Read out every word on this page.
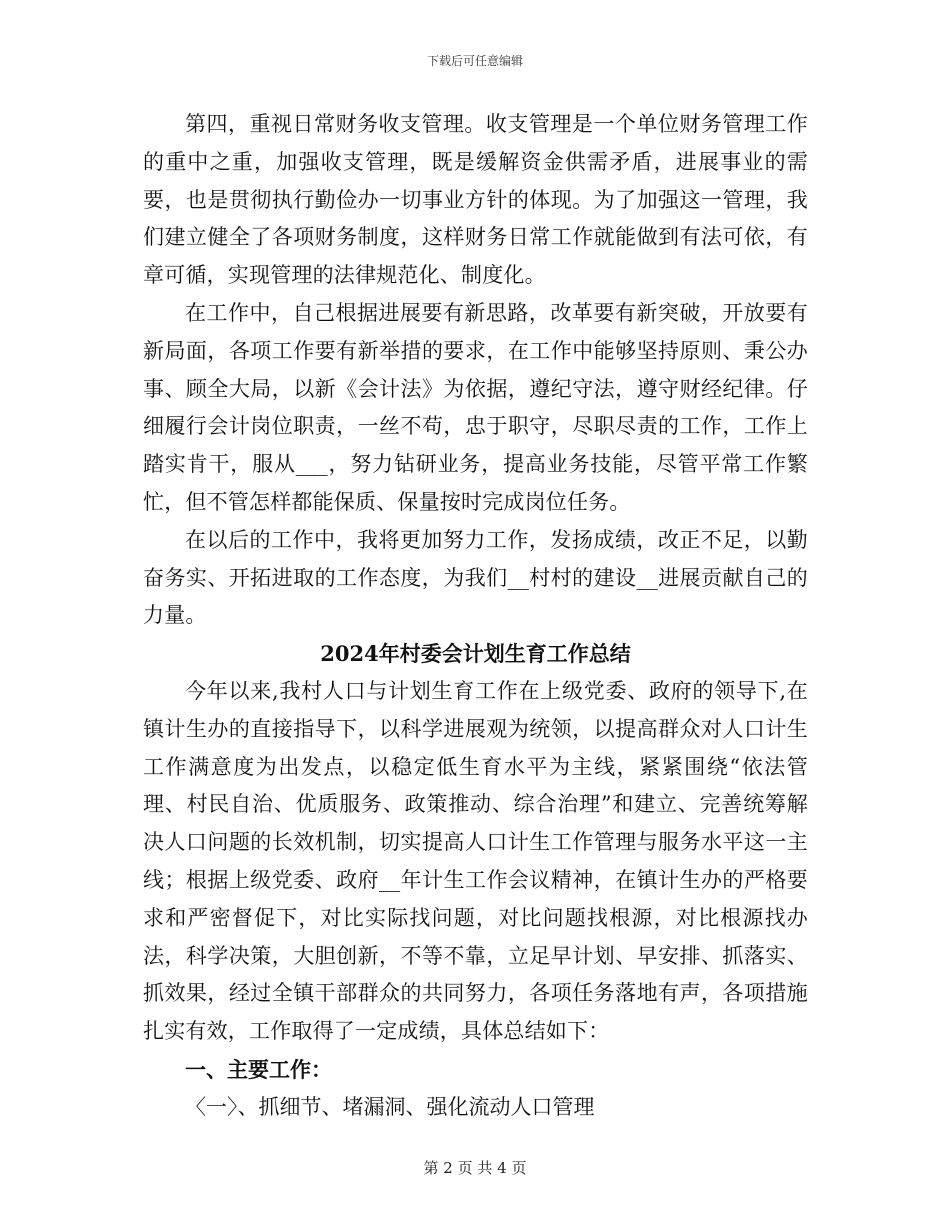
下载后可任意编辑

第四，重视日常财务收支管理。收支管理是一个单位财务管理工作的重中之重，加强收支管理，既是缓解资金供需矛盾，进展事业的需要，也是贯彻执行勤俭办一切事业方针的体现。为了加强这一管理，我们建立健全了各项财务制度，这样财务日常工作就能做到有法可依，有章可循，实现管理的法律规范化、制度化。

在工作中，自己根据进展要有新思路，改革要有新突破，开放要有新局面，各项工作要有新举措的要求，在工作中能够坚持原则、秉公办事、顾全大局，以新《会计法》为依据，遵纪守法，遵守财经纪律。仔细履行会计岗位职责，一丝不苟，忠于职守，尽职尽责的工作，工作上踏实肯干，服从___，努力钻研业务，提高业务技能，尽管平常工作繁忙，但不管怎样都能保质、保量按时完成岗位任务。

在以后的工作中，我将更加努力工作，发扬成绩，改正不足，以勤奋务实、开拓进取的工作态度，为我们__村村的建设__进展贡献自己的力量。

2024年村委会计划生育工作总结

今年以来,我村人口与计划生育工作在上级党委、政府的领导下,在镇计生办的直接指导下，以科学进展观为统领，以提高群众对人口计生工作满意度为出发点，以稳定低生育水平为主线，紧紧围绕“依法管理、村民自治、优质服务、政策推动、综合治理”和建立、完善统筹解决人口问题的长效机制，切实提高人口计生工作管理与服务水平这一主线；根据上级党委、政府__年计生工作会议精神，在镇计生办的严格要求和严密督促下，对比实际找问题，对比问题找根源，对比根源找办法，科学决策，大胆创新，不等不靠，立足早计划、早安排、抓落实、抓效果，经过全镇干部群众的共同努力，各项任务落地有声，各项措施扎实有效，工作取得了一定成绩，具体总结如下：

一、主要工作：

〈一〉、抓细节、堵漏洞、强化流动人口管理

第 2 页 共 4 页
